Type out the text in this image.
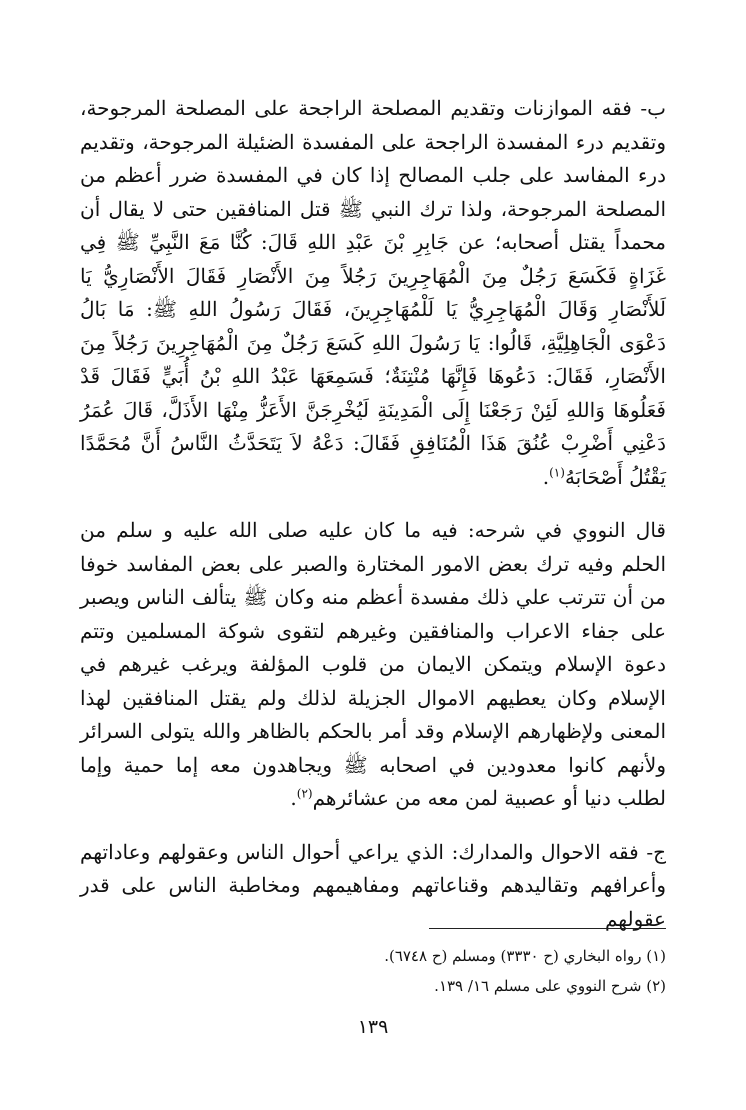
ب- فقه الموازنات وتقديم المصلحة الراجحة على المصلحة المرجوحة، وتقديم درء المفسدة الراجحة على المفسدة الضئيلة المرجوحة، وتقديم درء المفاسد على جلب المصالح إذا كان في المفسدة ضرر أعظم من المصلحة المرجوحة، ولذا ترك النبي ﷺ قتل المنافقين حتى لا يقال أن محمداً يقتل أصحابه؛ عن جَابِرِ بْنَ عَبْدِ اللهِ قَالَ: كُنَّا مَعَ النَّبِيِّ ﷺ فِي غَزَاةٍ فَكَسَعَ رَجُلٌ مِنَ الْمُهَاجِرِينَ رَجُلاً مِنَ الأَنْصَارِ فَقَالَ الأَنْصَارِيُّ يَا لَلأَنْصَارِ وَقَالَ الْمُهَاجِرِيُّ يَا لَلْمُهَاجِرِينَ، فَقَالَ رَسُولُ اللهِ ﷺ: مَا بَالُ دَعْوَى الْجَاهِلِيَّةِ، قَالُوا: يَا رَسُولَ اللهِ كَسَعَ رَجُلٌ مِنَ الْمُهَاجِرِينَ رَجُلاً مِنَ الأَنْصَارِ، فَقَالَ: دَعُوهَا فَإِنَّهَا مُنْتِنَةٌ؛ فَسَمِعَهَا عَبْدُ اللهِ بْنُ أُبَيٍّ فَقَالَ قَدْ فَعَلُوهَا وَاللهِ لَئِنْ رَجَعْنَا إِلَى الْمَدِينَةِ لَيُخْرِجَنَّ الأَعَزُّ مِنْهَا الأَذَلَّ، قَالَ عُمَرُ دَعْنِي أَضْرِبْ عُنُقَ هَذَا الْمُنَافِقِ فَقَالَ: دَعْهُ لاَ يَتَحَدَّثُ النَّاسُ أَنَّ مُحَمَّدًا يَقْتُلُ أَصْحَابَهُ$^{(١)}$.

قال النووي في شرحه: فيه ما كان عليه صلى الله عليه و سلم من الحلم وفيه ترك بعض الامور المختارة والصبر على بعض المفاسد خوفا من أن تترتب علي ذلك مفسدة أعظم منه وكان ﷺ يتألف الناس ويصبر على جفاء الاعراب والمنافقين وغيرهم لتقوى شوكة المسلمين وتتم دعوة الإسلام ويتمكن الايمان من قلوب المؤلفة ويرغب غيرهم في الإسلام وكان يعطيهم الاموال الجزيلة لذلك ولم يقتل المنافقين لهذا المعنى ولإظهارهم الإسلام وقد أمر بالحكم بالظاهر والله يتولى السرائر ولأنهم كانوا معدودين في اصحابه ﷺ ويجاهدون معه إما حمية وإما لطلب دنيا أو عصبية لمن معه من عشائرهم$^{(٢)}$.

ج- فقه الاحوال والمدارك: الذي يراعي أحوال الناس وعقولهم وعاداتهم وأعرافهم وتقاليدهم وقناعاتهم ومفاهيمهم ومخاطبة الناس على قدر عقولهم

(١) رواه البخاري (ح ٣٣٣٠) ومسلم (ح ٦٧٤٨).

(٢) شرح النووي على مسلم ١٦/ ١٣٩.

١٣٩
